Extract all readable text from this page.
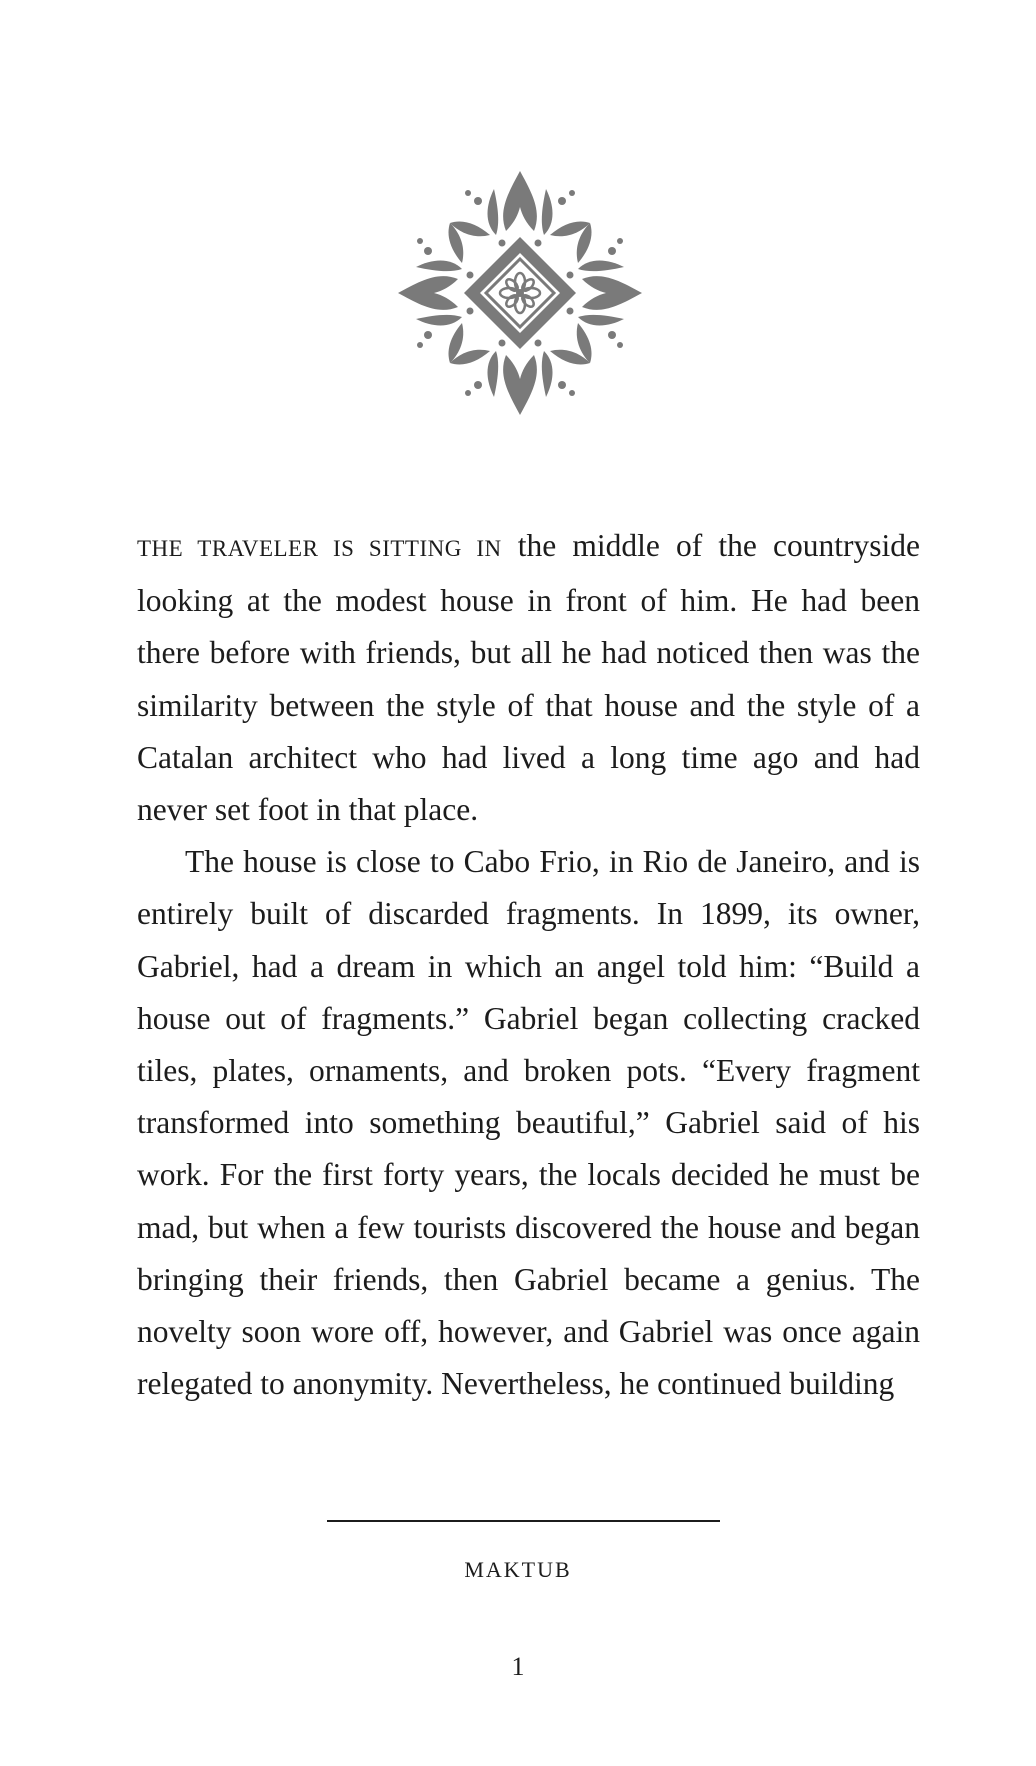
THE TRAVELER IS SITTING IN the middle of the countryside looking at the modest house in front of him. He had been there before with friends, but all he had noticed then was the similarity between the style of that house and the style of a Catalan architect who had lived a long time ago and had never set foot in that place.

The house is close to Cabo Frio, in Rio de Janeiro, and is entirely built of discarded fragments. In 1899, its owner, Gabriel, had a dream in which an angel told him: “Build a house out of fragments.” Gabriel began collecting cracked tiles, plates, ornaments, and broken pots. “Every fragment transformed into something beautiful,” Gabriel said of his work. For the first forty years, the locals decided he must be mad, but when a few tourists discovered the house and began bringing their friends, then Gabriel became a genius. The novelty soon wore off, however, and Gabriel was once again relegated to anonymity. Nevertheless, he continued building

MAKTUB
1
